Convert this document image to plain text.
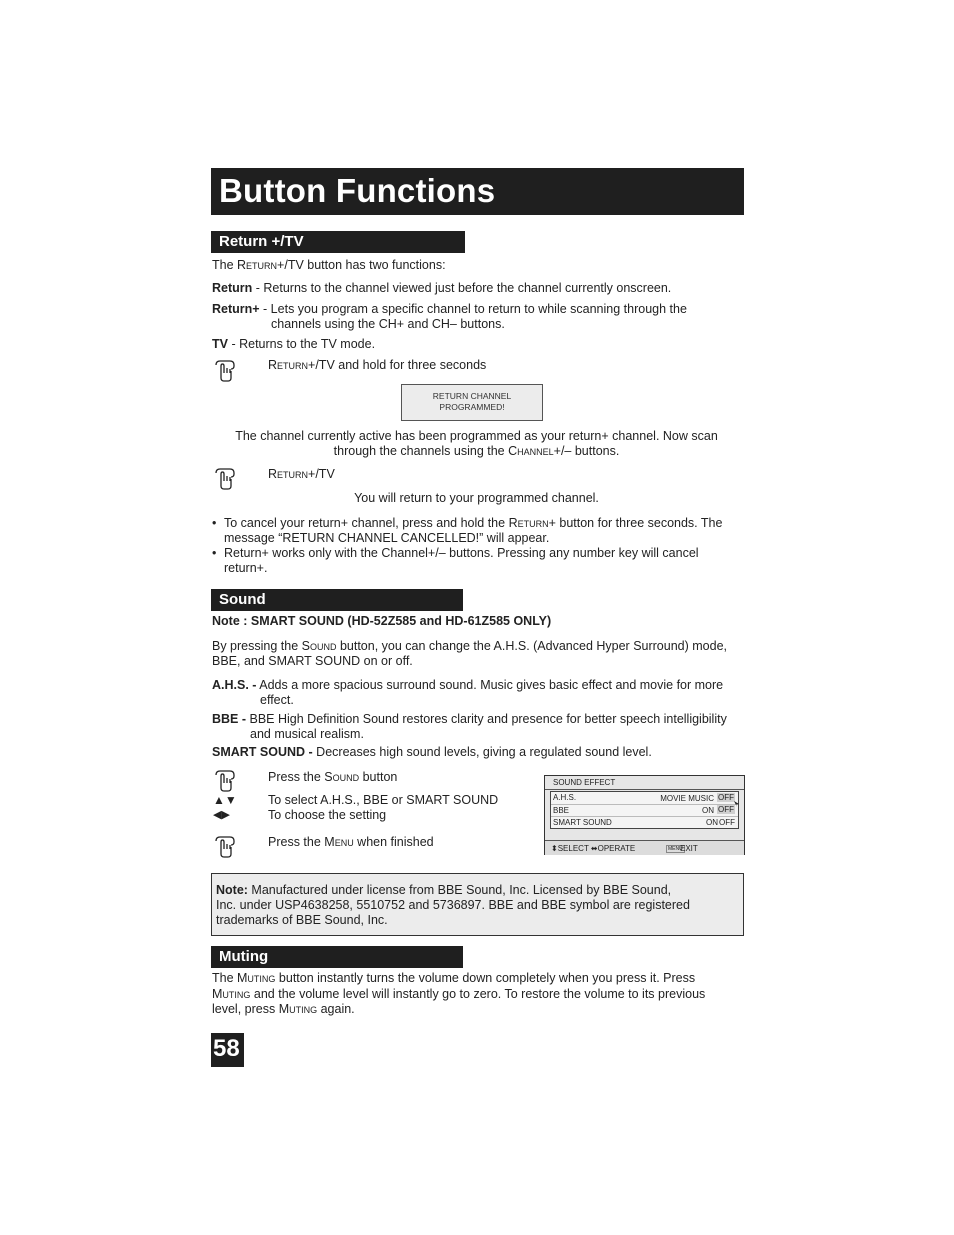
Button Functions
Return +/TV
The Return+/TV button has two functions:
Return - Returns to the channel viewed just before the channel currently onscreen.
Return+ - Lets you program a specific channel to return to while scanning through the
channels using the CH+ and CH– buttons.
TV - Returns to the TV mode.
Return+/TV and hold for three seconds
RETURN CHANNEL
PROGRAMMED!
The channel currently active has been programmed as your return+ channel. Now scan
through the channels using the Channel+/– buttons.
Return+/TV
You will return to your programmed channel.
• To cancel your return+ channel, press and hold the Return+ button for three seconds. The
message “RETURN CHANNEL CANCELLED!” will appear.
• Return+ works only with the Channel+/– buttons. Pressing any number key will cancel
return+.
Sound
Note : SMART SOUND (HD-52Z585 and HD-61Z585 ONLY)
By pressing the Sound button, you can change the A.H.S. (Advanced Hyper Surround) mode,
BBE, and SMART SOUND on or off.
A.H.S. - Adds a more spacious surround sound. Music gives basic effect and movie for more
effect.
BBE - BBE High Definition Sound restores clarity and presence for better speech intelligibility
and musical realism.
SMART SOUND - Decreases high sound levels, giving a regulated sound level.
Press the Sound button
▲▼ To select A.H.S., BBE or SMART SOUND
◀▶	To choose the setting
Press the Menu when finished
SOUND EFFECT
A.H.S.	MOVIE MUSIC OFF
BBE	ON OFF
SMART SOUND	ON OFF
⬍SELECT ⬌OPERATE	MENU
EXIT
Note: Manufactured under license from BBE Sound, Inc. Licensed by BBE Sound,
Inc. under USP4638258, 5510752 and 5736897. BBE and BBE symbol are registered
trademarks of BBE Sound, Inc.
Muting
The Muting button instantly turns the volume down completely when you press it. Press
Muting and the volume level will instantly go to zero. To restore the volume to its previous
level, press Muting again.
58
